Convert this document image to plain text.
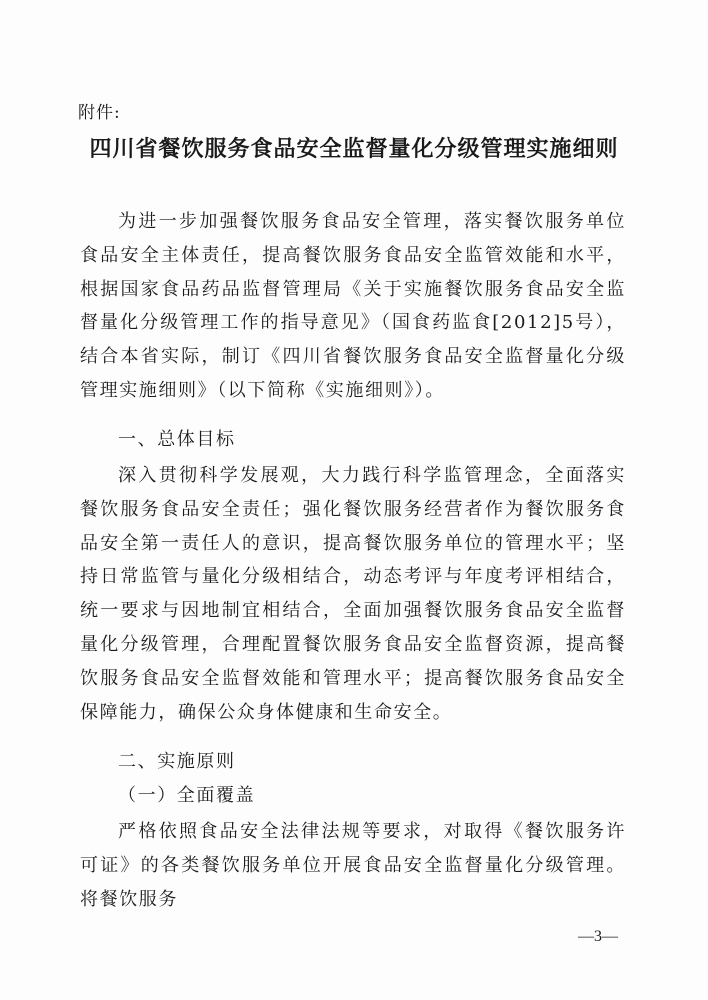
附件:
四川省餐饮服务食品安全监督量化分级管理实施细则

为进一步加强餐饮服务食品安全管理，落实餐饮服务单位食品安全主体责任，提高餐饮服务食品安全监管效能和水平，根据国家食品药品监督管理局《关于实施餐饮服务食品安全监督量化分级管理工作的指导意见》（国食药监食[2012]5号），结合本省实际，制订《四川省餐饮服务食品安全监督量化分级管理实施细则》（以下简称《实施细则》）。

一、总体目标

深入贯彻科学发展观，大力践行科学监管理念，全面落实餐饮服务食品安全责任；强化餐饮服务经营者作为餐饮服务食品安全第一责任人的意识，提高餐饮服务单位的管理水平；坚持日常监管与量化分级相结合，动态考评与年度考评相结合，统一要求与因地制宜相结合，全面加强餐饮服务食品安全监督量化分级管理，合理配置餐饮服务食品安全监督资源，提高餐饮服务食品安全监督效能和管理水平；提高餐饮服务食品安全保障能力，确保公众身体健康和生命安全。

二、实施原则

（一）全面覆盖

严格依照食品安全法律法规等要求，对取得《餐饮服务许可证》的各类餐饮服务单位开展食品安全监督量化分级管理。将餐饮服务

—3—
